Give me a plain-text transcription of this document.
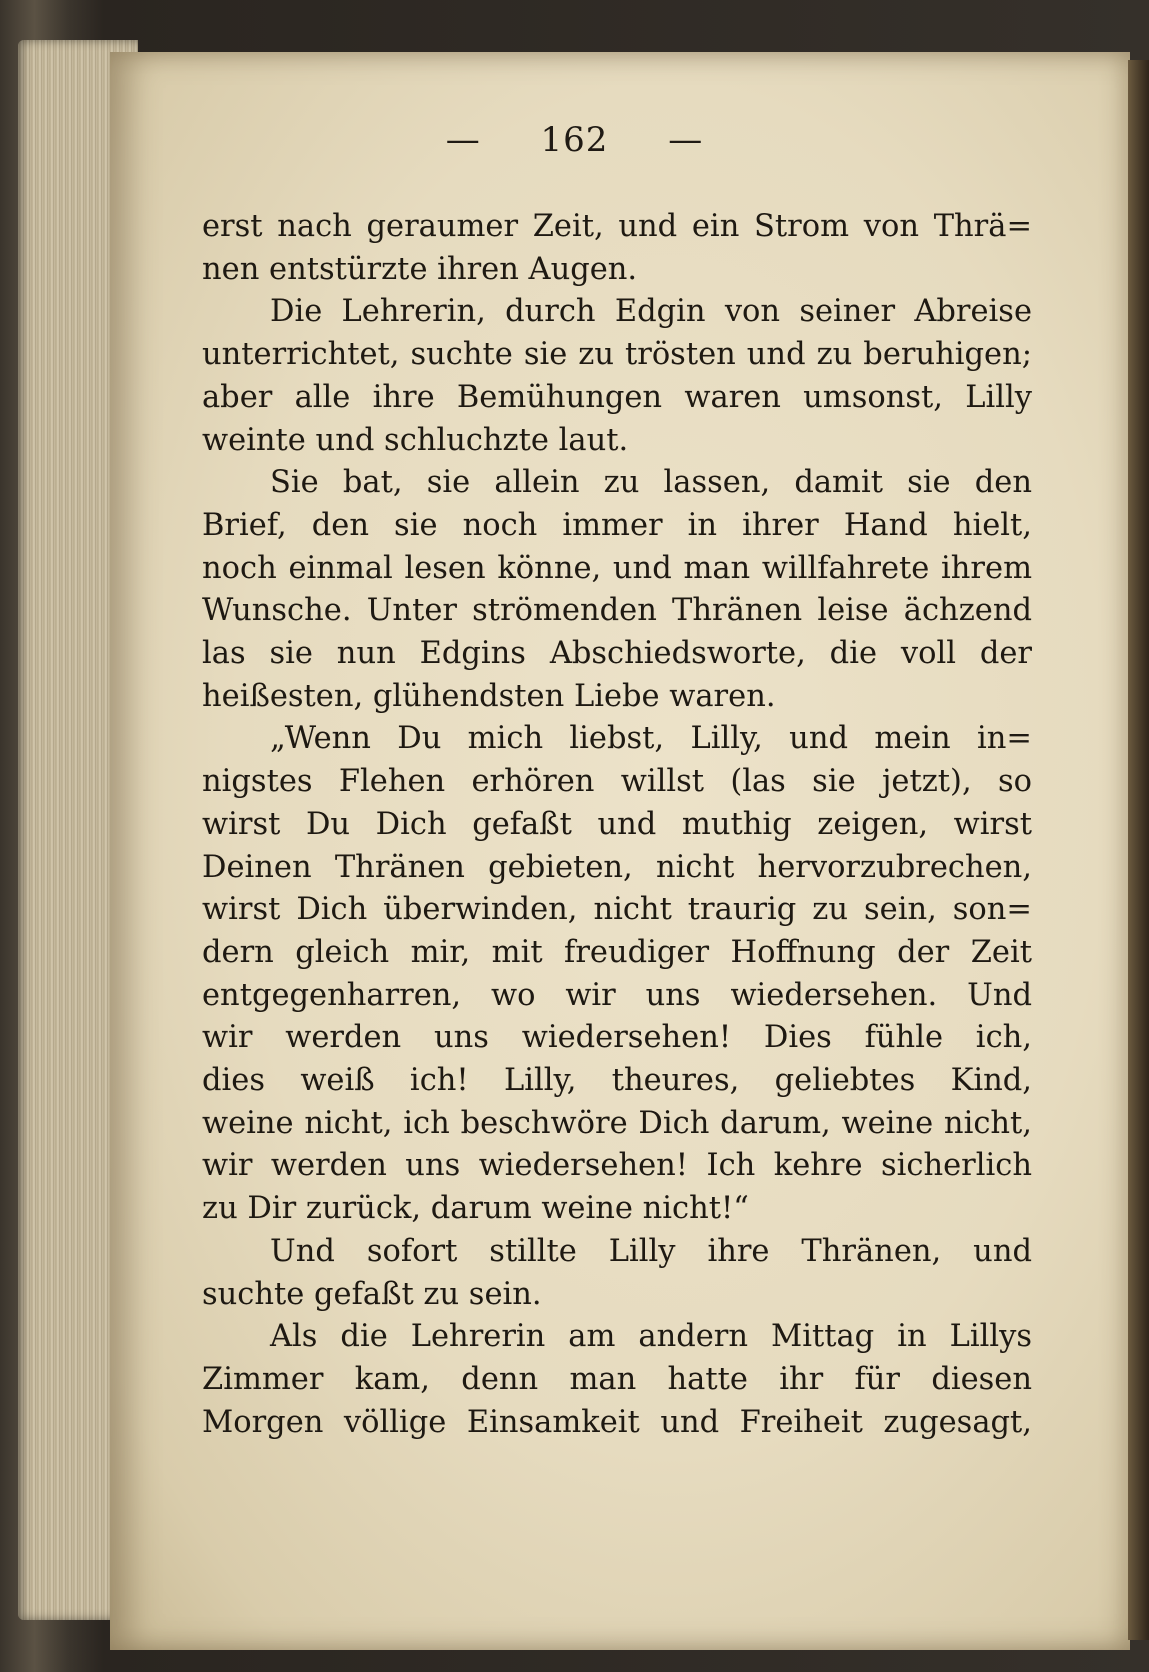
— 162 —
erst nach geraumer Zeit, und ein Strom von Thrä=
nen entstürzte ihren Augen.
Die Lehrerin, durch Edgin von seiner Abreise
unterrichtet, suchte sie zu trösten und zu beruhigen;
aber alle ihre Bemühungen waren umsonst, Lilly
weinte und schluchzte laut.
Sie bat, sie allein zu lassen, damit sie den
Brief, den sie noch immer in ihrer Hand hielt,
noch einmal lesen könne, und man willfahrete ihrem
Wunsche. Unter strömenden Thränen leise ächzend
las sie nun Edgins Abschiedsworte, die voll der
heißesten, glühendsten Liebe waren.
„Wenn Du mich liebst, Lilly, und mein in=
nigstes Flehen erhören willst (las sie jetzt), so
wirst Du Dich gefaßt und muthig zeigen, wirst
Deinen Thränen gebieten, nicht hervorzubrechen,
wirst Dich überwinden, nicht traurig zu sein, son=
dern gleich mir, mit freudiger Hoffnung der Zeit
entgegenharren, wo wir uns wiedersehen. Und
wir werden uns wiedersehen! Dies fühle ich,
dies weiß ich! Lilly, theures, geliebtes Kind,
weine nicht, ich beschwöre Dich darum, weine nicht,
wir werden uns wiedersehen! Ich kehre sicherlich
zu Dir zurück, darum weine nicht!“
Und sofort stillte Lilly ihre Thränen, und
suchte gefaßt zu sein.
Als die Lehrerin am andern Mittag in Lillys
Zimmer kam, denn man hatte ihr für diesen
Morgen völlige Einsamkeit und Freiheit zugesagt,
